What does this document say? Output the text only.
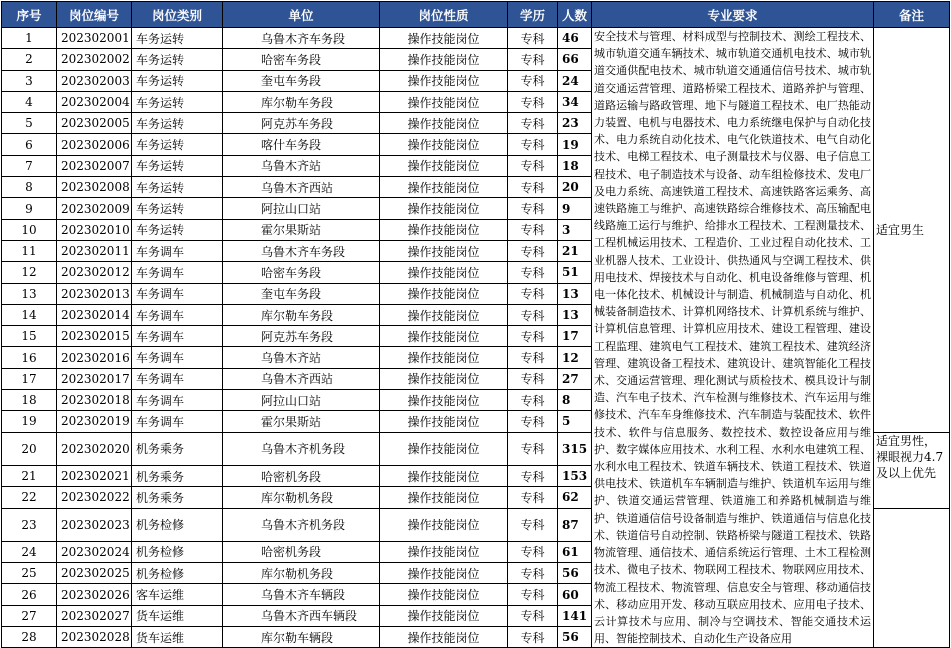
序号	岗位编号	岗位类别	单位	岗位性质	学历	人数	专业要求	备注
1	202302001	车务运转	乌鲁木齐车务段	操作技能岗位	专科	46	安全技术与管理、材料成型与控制技术、测绘工程技术、城市轨道交通车辆技术、城市轨道交通机电技术、城市轨道交通供配电技术、城市轨道交通通信信号技术、城市轨道交通运营管理、道路桥梁工程技术、道路养护与管理、道路运输与路政管理、地下与隧道工程技术、电厂热能动力装置、电机与电器技术、电力系统继电保护与自动化技术、电力系统自动化技术、电气化铁道技术、电气自动化技术、电梯工程技术、电子测量技术与仪器、电子信息工程技术、电子制造技术与设备、动车组检修技术、发电厂及电力系统、高速铁道工程技术、高速铁路客运乘务、高速铁路施工与维护、高速铁路综合维修技术、高压输配电线路施工运行与维护、给排水工程技术、工程测量技术、工程机械运用技术、工程造价、工业过程自动化技术、工业机器人技术、工业设计、供热通风与空调工程技术、供用电技术、焊接技术与自动化、机电设备维修与管理、机电一体化技术、机械设计与制造、机械制造与自动化、机械装备制造技术、计算机网络技术、计算机系统与维护、计算机信息管理、计算机应用技术、建设工程管理、建设工程监理、建筑电气工程技术、建筑工程技术、建筑经济管理、建筑设备工程技术、建筑设计、建筑智能化工程技术、交通运营管理、理化测试与质检技术、模具设计与制造、汽车电子技术、汽车检测与维修技术、汽车运用与维修技术、汽车车身维修技术、汽车制造与装配技术、软件技术、软件与信息服务、数控技术、数控设备应用与维护、数字媒体应用技术、水利工程、水利水电建筑工程、水利水电工程技术、铁道车辆技术、铁道工程技术、铁道供电技术、铁道机车车辆制造与维护、铁道机车运用与维护、铁道交通运营管理、铁道施工和养路机械制造与维护、铁道通信信号设备制造与维护、铁道通信与信息化技术、铁道信号自动控制、铁路桥梁与隧道工程技术、铁路物流管理、通信技术、通信系统运行管理、土木工程检测技术、微电子技术、物联网工程技术、物联网应用技术、物流工程技术、物流管理、信息安全与管理、移动通信技术、移动应用开发、移动互联应用技术、应用电子技术、云计算技术与应用、制冷与空调技术、智能交通技术运用、智能控制技术、自动化生产设备应用	适宜男生
2	202302002	车务运转	哈密车务段	操作技能岗位	专科	66		
3	202302003	车务运转	奎屯车务段	操作技能岗位	专科	24		
4	202302004	车务运转	库尔勒车务段	操作技能岗位	专科	34		
5	202302005	车务运转	阿克苏车务段	操作技能岗位	专科	23		
6	202302006	车务运转	喀什车务段	操作技能岗位	专科	19		
7	202302007	车务运转	乌鲁木齐站	操作技能岗位	专科	18		
8	202302008	车务运转	乌鲁木齐西站	操作技能岗位	专科	20		
9	202302009	车务运转	阿拉山口站	操作技能岗位	专科	9		
10	202302010	车务运转	霍尔果斯站	操作技能岗位	专科	3		
11	202302011	车务调车	乌鲁木齐车务段	操作技能岗位	专科	21		
12	202302012	车务调车	哈密车务段	操作技能岗位	专科	51		
13	202302013	车务调车	奎屯车务段	操作技能岗位	专科	13		
14	202302014	车务调车	库尔勒车务段	操作技能岗位	专科	13		
15	202302015	车务调车	阿克苏车务段	操作技能岗位	专科	17		
16	202302016	车务调车	乌鲁木齐站	操作技能岗位	专科	12		
17	202302017	车务调车	乌鲁木齐西站	操作技能岗位	专科	27		
18	202302018	车务调车	阿拉山口站	操作技能岗位	专科	8		
19	202302019	车务调车	霍尔果斯站	操作技能岗位	专科	5		
20	202302020	机务乘务	乌鲁木齐机务段	操作技能岗位	专科	315		适宜男性，裸眼视力4.7及以上优先
21	202302021	机务乘务	哈密机务段	操作技能岗位	专科	153		
22	202302022	机务乘务	库尔勒机务段	操作技能岗位	专科	62		
23	202302023	机务检修	乌鲁木齐机务段	操作技能岗位	专科	87		
24	202302024	机务检修	哈密机务段	操作技能岗位	专科	61		
25	202302025	机务检修	库尔勒机务段	操作技能岗位	专科	56		
26	202302026	客车运维	乌鲁木齐车辆段	操作技能岗位	专科	60		
27	202302027	货车运维	乌鲁木齐西车辆段	操作技能岗位	专科	141		
28	202302028	货车运维	库尔勒车辆段	操作技能岗位	专科	56		
